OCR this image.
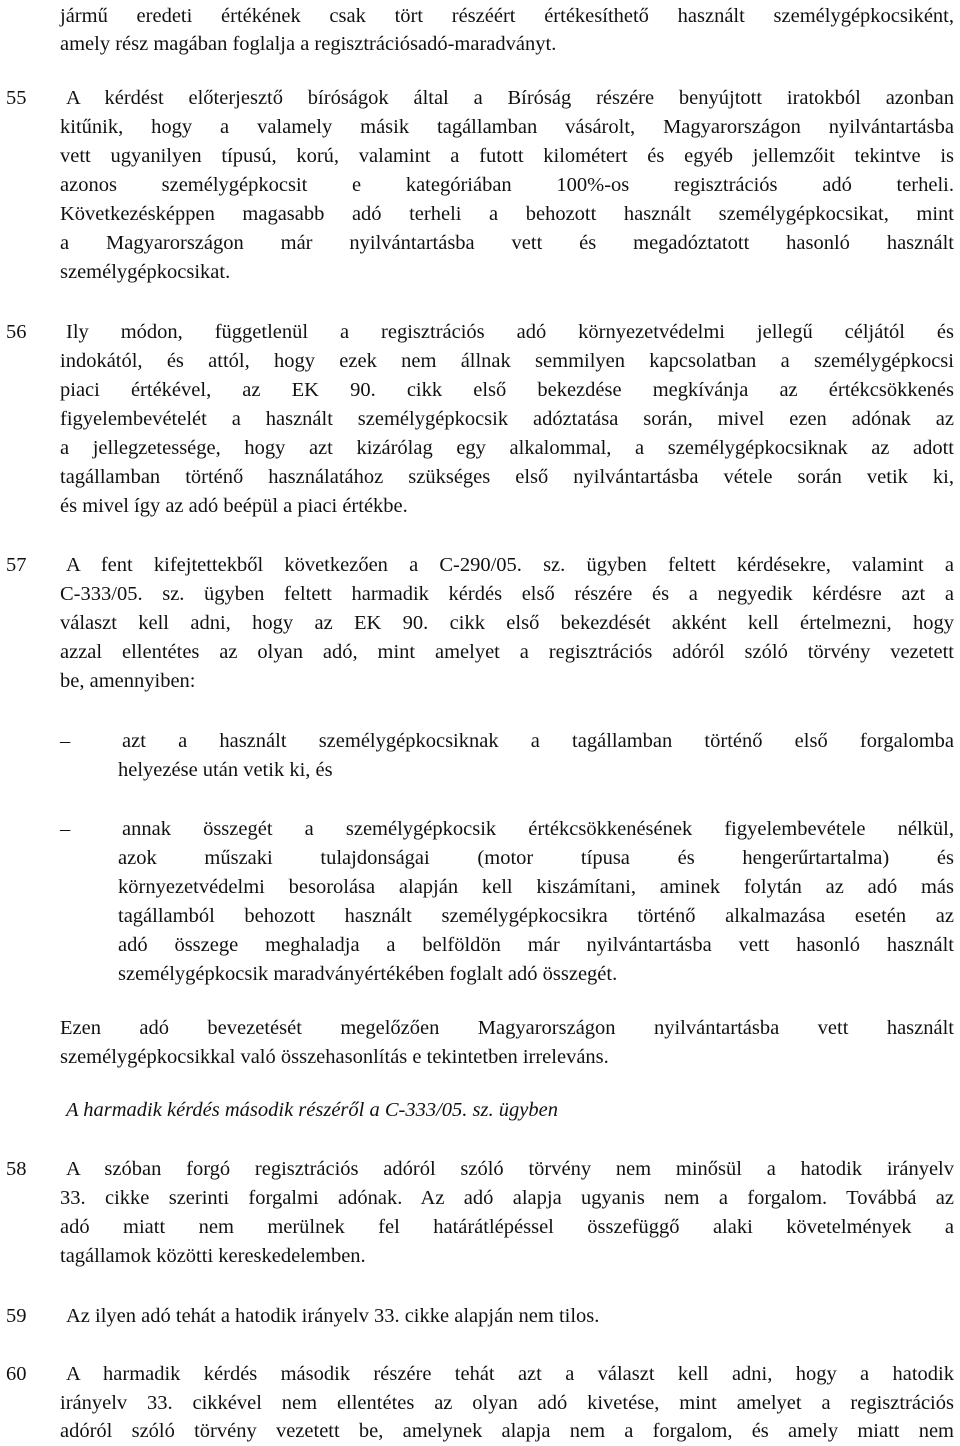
jármű eredeti értékének csak tört részéért értékesíthető használt személygépkocsiként,
amely rész magában foglalja a regisztrációsadó-maradványt.
55 A kérdést előterjesztő bíróságok által a Bíróság részére benyújtott iratokból azonban
kitűnik, hogy a valamely másik tagállamban vásárolt, Magyarországon nyilvántartásba
vett ugyanilyen típusú, korú, valamint a futott kilométert és egyéb jellemzőit tekintve is
azonos személygépkocsit e kategóriában 100%-os regisztrációs adó terheli.
Következésképpen magasabb adó terheli a behozott használt személygépkocsikat, mint
a Magyarországon már nyilvántartásba vett és megadóztatott hasonló használt
személygépkocsikat.
56 Ily módon, függetlenül a regisztrációs adó környezetvédelmi jellegű céljától és
indokától, és attól, hogy ezek nem állnak semmilyen kapcsolatban a személygépkocsi
piaci értékével, az EK 90. cikk első bekezdése megkívánja az értékcsökkenés
figyelembevételét a használt személygépkocsik adóztatása során, mivel ezen adónak az
a jellegzetessége, hogy azt kizárólag egy alkalommal, a személygépkocsiknak az adott
tagállamban történő használatához szükséges első nyilvántartásba vétele során vetik ki,
és mivel így az adó beépül a piaci értékbe.
57 A fent kifejtettekből következően a C-290/05. sz. ügyben feltett kérdésekre, valamint a
C-333/05. sz. ügyben feltett harmadik kérdés első részére és a negyedik kérdésre azt a
választ kell adni, hogy az EK 90. cikk első bekezdését akként kell értelmezni, hogy
azzal ellentétes az olyan adó, mint amelyet a regisztrációs adóról szóló törvény vezetett
be, amennyiben:
–	azt a használt személygépkocsiknak a tagállamban történő első forgalomba
helyezése után vetik ki, és
–	annak összegét a személygépkocsik értékcsökkenésének figyelembevétele nélkül,
azok műszaki tulajdonságai (motor típusa és hengerűrtartalma) és
környezetvédelmi besorolása alapján kell kiszámítani, aminek folytán az adó más
tagállamból behozott használt személygépkocsikra történő alkalmazása esetén az
adó összege meghaladja a belföldön már nyilvántartásba vett hasonló használt
személygépkocsik maradványértékében foglalt adó összegét.
Ezen adó bevezetését megelőzően Magyarországon nyilvántartásba vett használt
személygépkocsikkal való összehasonlítás e tekintetben irreleváns.
A harmadik kérdés második részéről a C-333/05. sz. ügyben
58 A szóban forgó regisztrációs adóról szóló törvény nem minősül a hatodik irányelv
33. cikke szerinti forgalmi adónak. Az adó alapja ugyanis nem a forgalom. Továbbá az
adó miatt nem merülnek fel határátlépéssel összefüggő alaki követelmények a
tagállamok közötti kereskedelemben.
59 Az ilyen adó tehát a hatodik irányelv 33. cikke alapján nem tilos.
60 A harmadik kérdés második részére tehát azt a választ kell adni, hogy a hatodik
irányelv 33. cikkével nem ellentétes az olyan adó kivetése, mint amelyet a regisztrációs
adóról szóló törvény vezetett be, amelynek alapja nem a forgalom, és amely miatt nem
